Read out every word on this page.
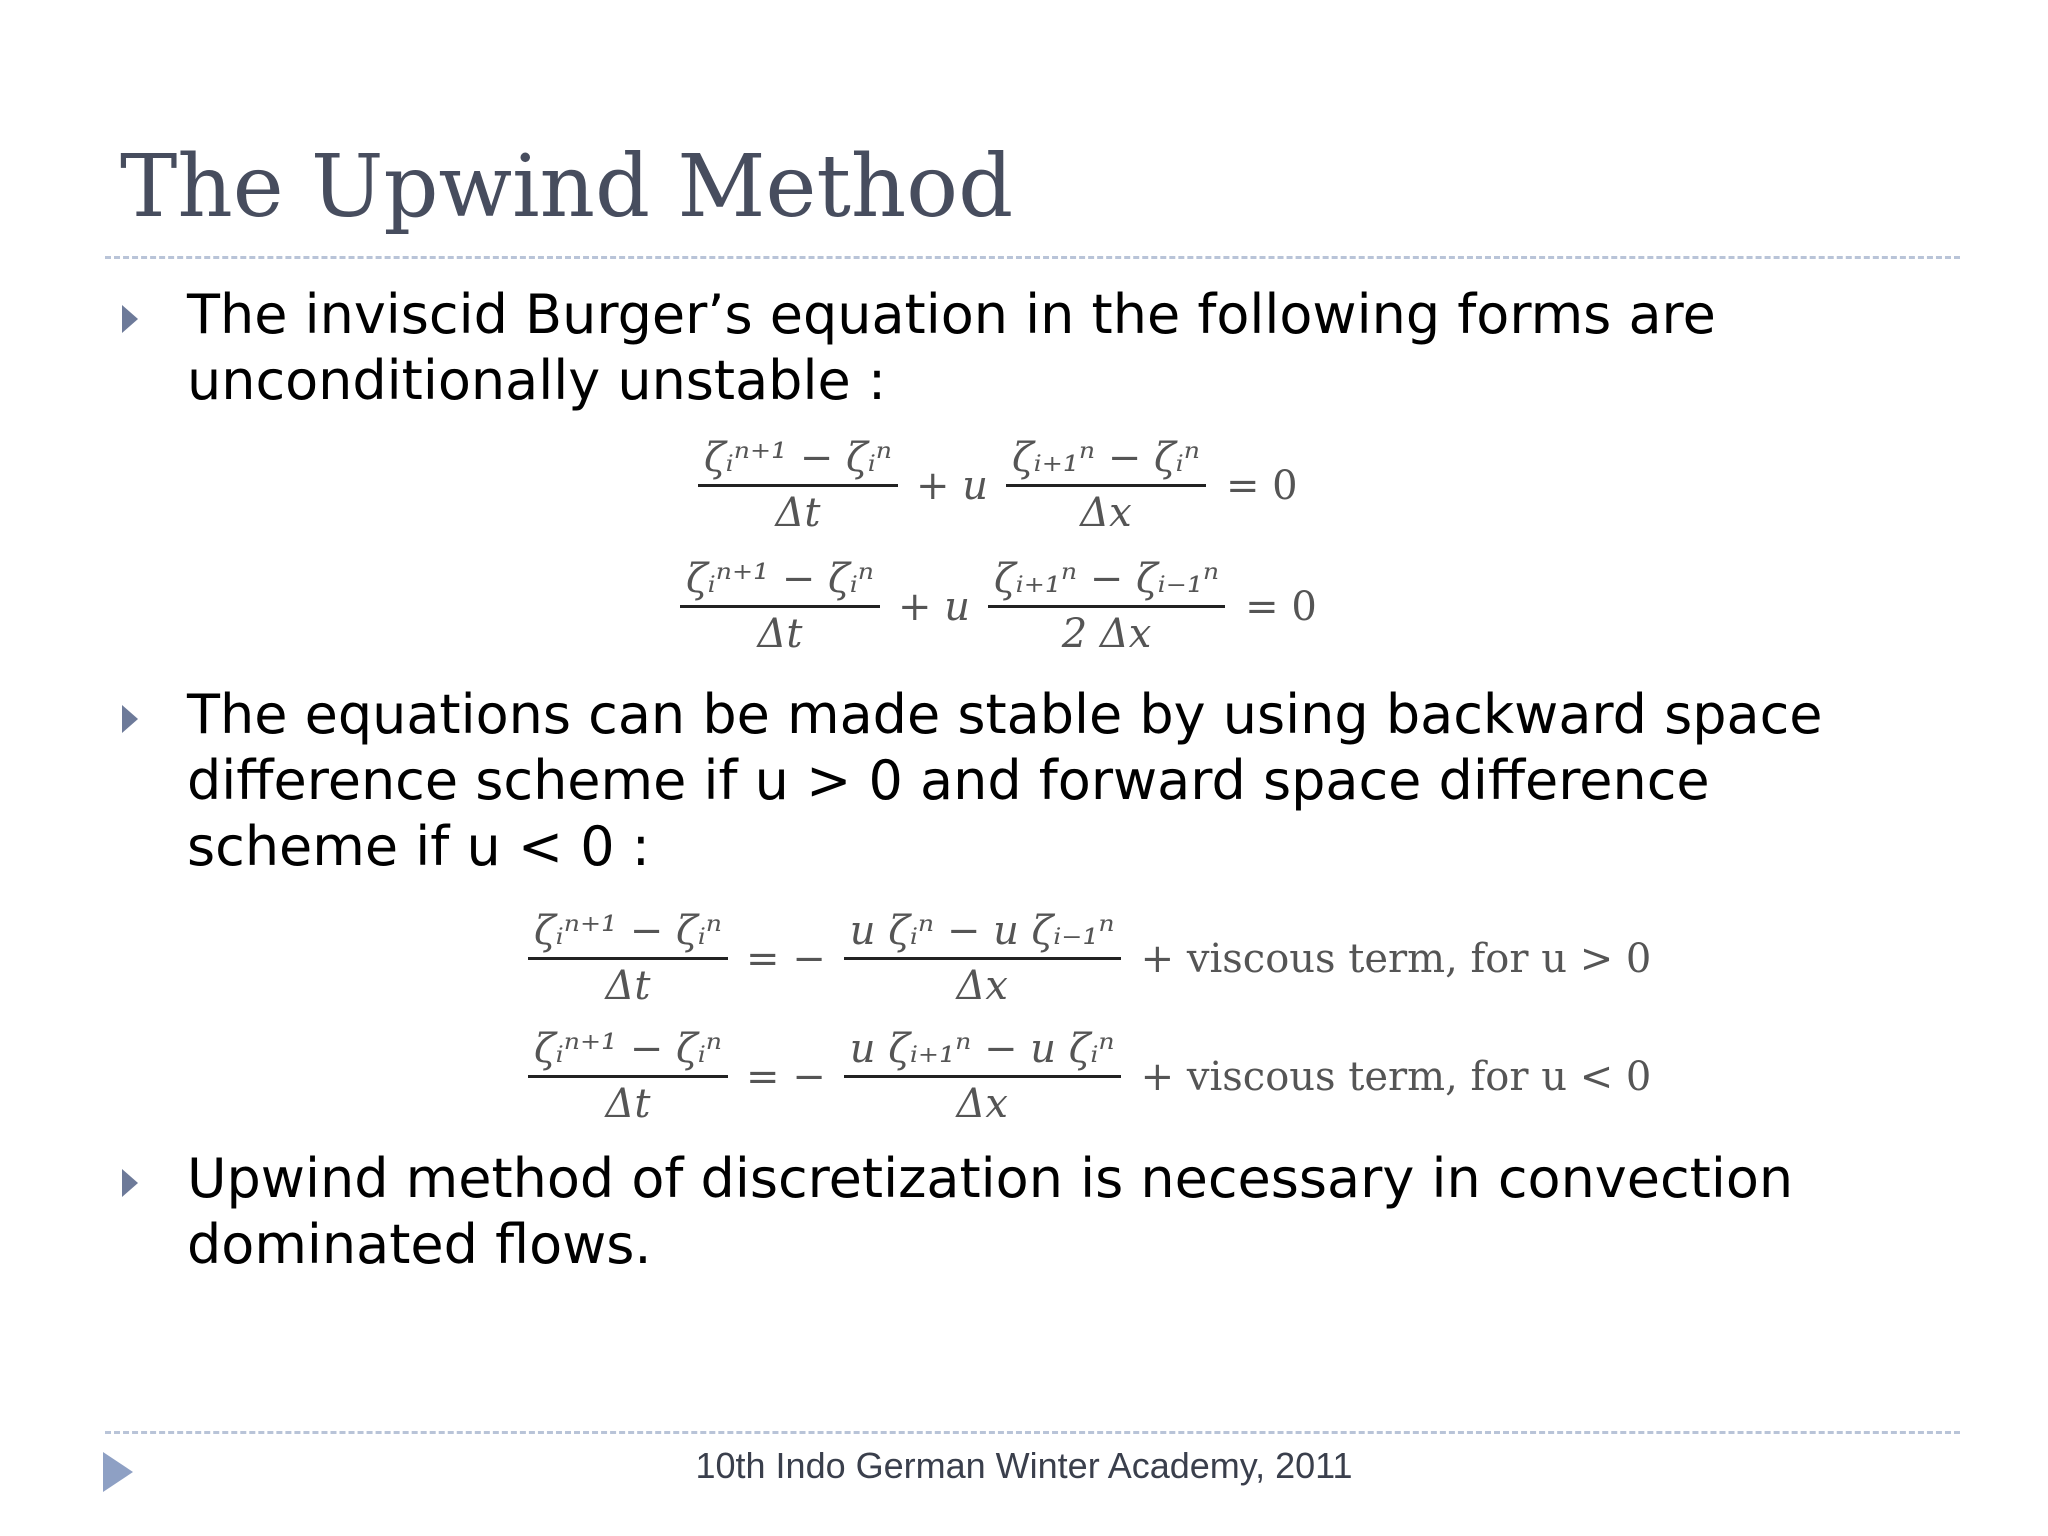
The Upwind Method

The inviscid Burger’s equation in the following forms are unconditionally unstable :

$\frac{\text{ζᵢⁿ⁺¹ − ζᵢⁿ}}{\Delta t} + u \frac{\text{ζᵢ₊₁ⁿ − ζᵢⁿ}}{\Delta x} = 0$
$\frac{\text{ζᵢⁿ⁺¹ − ζᵢⁿ}}{\Delta t} + u \frac{\text{ζᵢ₊₁ⁿ − ζᵢ₋₁ⁿ}}{2 \Delta x} = 0$

The equations can be made stable by using backward space difference scheme if u > 0 and forward space difference scheme if u < 0 :

$\frac{\text{ζᵢⁿ⁺¹ − ζᵢⁿ}}{\Delta t}$ = − $\frac{\text{u ζᵢⁿ − u ζᵢ₋₁ⁿ}}{\Delta x}$ + viscous term, for u > 0
$\frac{\text{ζᵢⁿ⁺¹ − ζᵢⁿ}}{\Delta t}$ = − $\frac{\text{u ζᵢ₊₁ⁿ − u ζᵢⁿ}}{\Delta x}$ + viscous term, for u < 0

Upwind method of discretization is necessary in convection dominated flows.

10th Indo German Winter Academy, 2011
